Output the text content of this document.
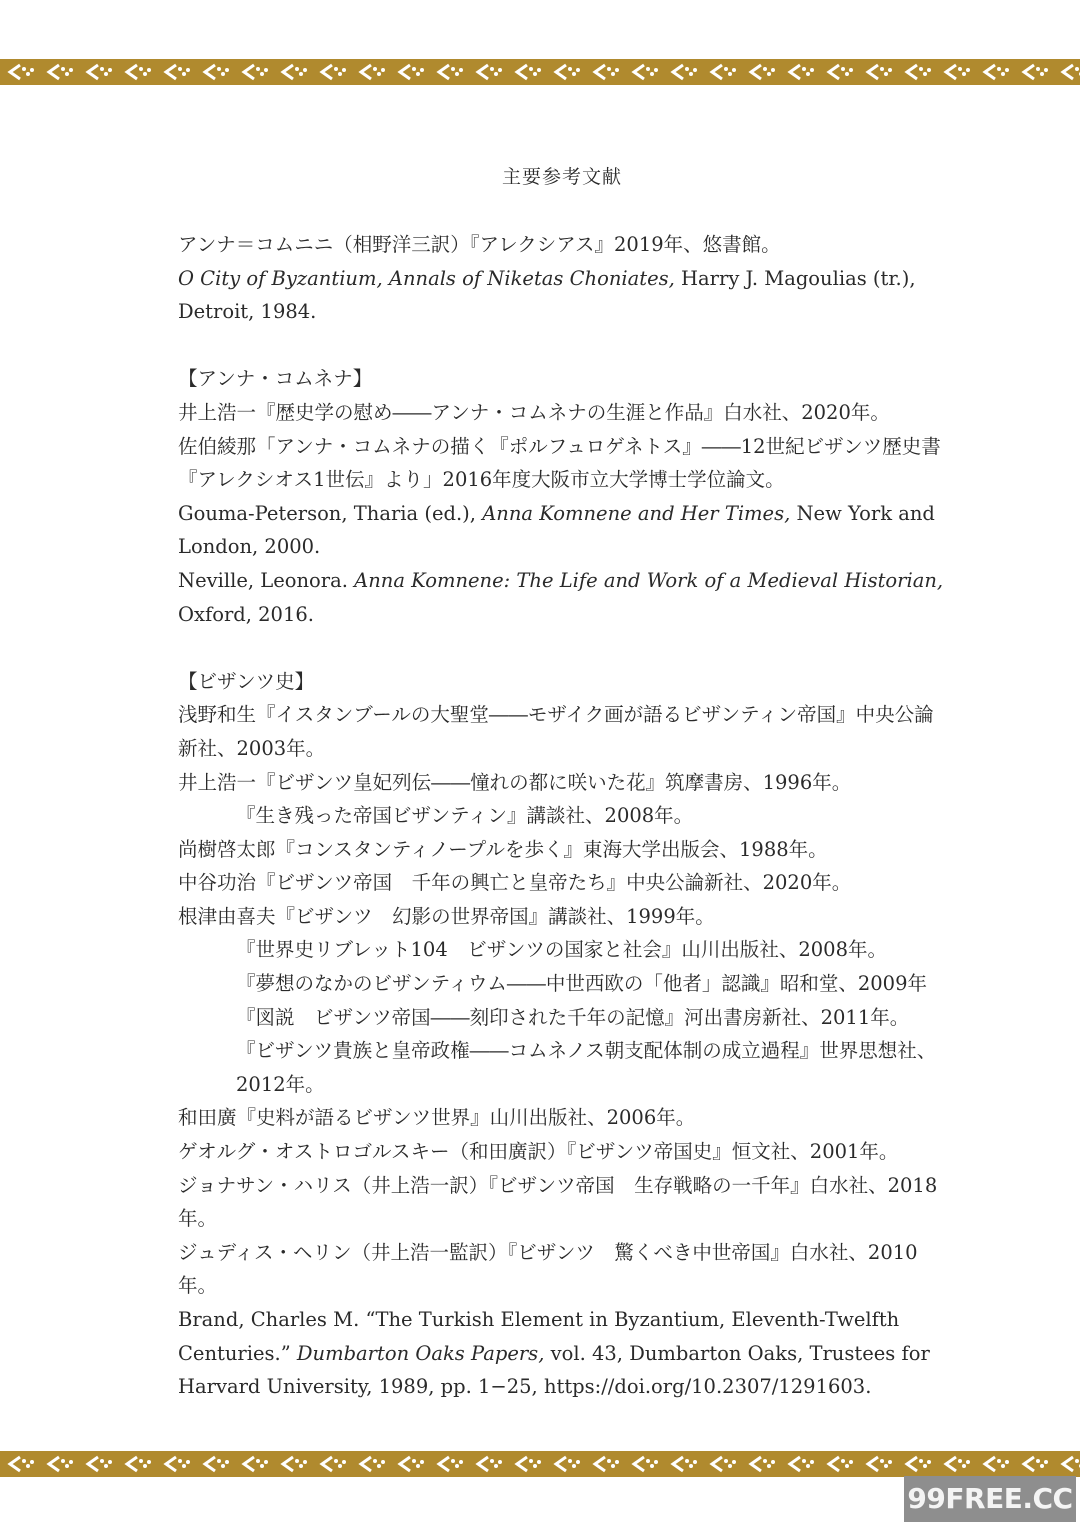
主要参考文献

アンナ＝コムニニ（相野洋三訳）『アレクシアス』2019年、悠書館。

O City of Byzantium, Annals of Niketas Choniates, Harry J. Magoulias (tr.), Detroit, 1984.

【アンナ・コムネナ】

井上浩一『歴史学の慰め――アンナ・コムネナの生涯と作品』白水社、2020年。

佐伯綾那「アンナ・コムネナの描く『ポルフュロゲネトス』――12世紀ビザンツ歴史書『アレクシオス1世伝』より」2016年度大阪市立大学博士学位論文。

Gouma-Peterson, Tharia (ed.), Anna Komnene and Her Times, New York and London, 2000.

Neville, Leonora. Anna Komnene: The Life and Work of a Medieval Historian, Oxford, 2016.

【ビザンツ史】

浅野和生『イスタンブールの大聖堂――モザイク画が語るビザンティン帝国』中央公論新社、2003年。

井上浩一『ビザンツ皇妃列伝――憧れの都に咲いた花』筑摩書房、1996年。

『生き残った帝国ビザンティン』講談社、2008年。

尚樹啓太郎『コンスタンティノープルを歩く』東海大学出版会、1988年。

中谷功治『ビザンツ帝国　千年の興亡と皇帝たち』中央公論新社、2020年。

根津由喜夫『ビザンツ　幻影の世界帝国』講談社、1999年。

『世界史リブレット104　ビザンツの国家と社会』山川出版社、2008年。

『夢想のなかのビザンティウム――中世西欧の「他者」認識』昭和堂、2009年

『図説　ビザンツ帝国――刻印された千年の記憶』河出書房新社、2011年。

『ビザンツ貴族と皇帝政権――コムネノス朝支配体制の成立過程』世界思想社、2012年。

和田廣『史料が語るビザンツ世界』山川出版社、2006年。

ゲオルグ・オストロゴルスキー（和田廣訳）『ビザンツ帝国史』恒文社、2001年。

ジョナサン・ハリス（井上浩一訳）『ビザンツ帝国　生存戦略の一千年』白水社、2018年。

ジュディス・ヘリン（井上浩一監訳）『ビザンツ　驚くべき中世帝国』白水社、2010年。

Brand, Charles M. “The Turkish Element in Byzantium, Eleventh-Twelfth Centuries.” Dumbarton Oaks Papers, vol. 43, Dumbarton Oaks, Trustees for Harvard University, 1989, pp. 1−25, https://doi.org/10.2307/1291603.

99FREE.CC
